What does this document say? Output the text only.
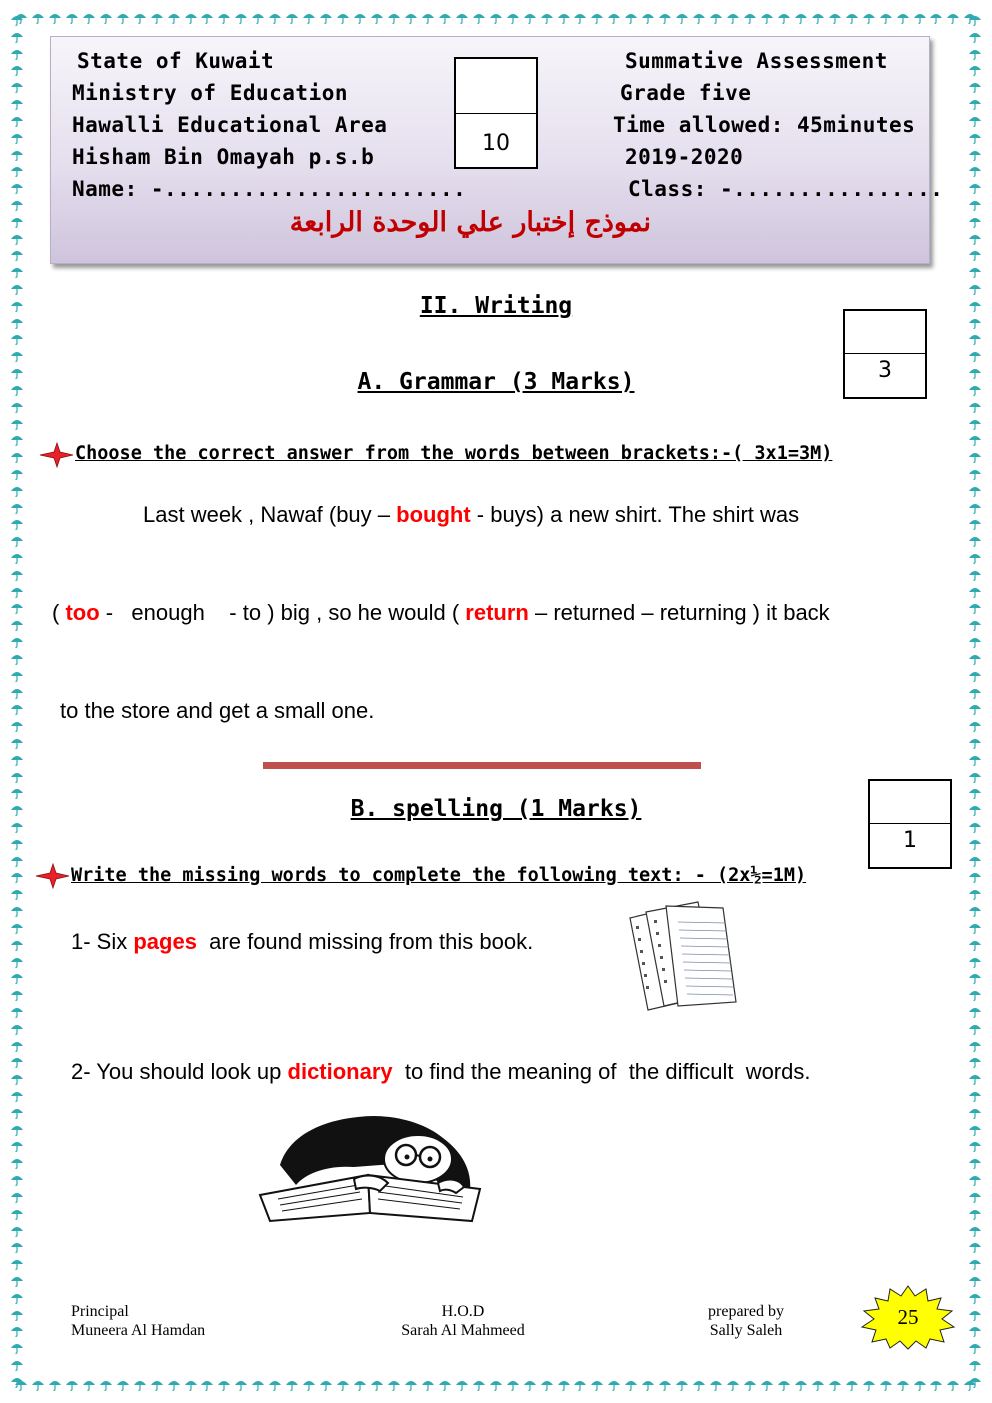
State of Kuwait
Ministry of Education
Hawalli Educational Area
Hisham Bin Omayah p.s.b
Name: -.......................
Summative Assessment
Grade five
Time allowed: 45minutes
2019-2020
Class: -................
10
نموذج إختبار علي الوحدة الرابعة
II. Writing
3
A. Grammar (3 Marks)
Choose the correct answer from the words between brackets:-( 3x1=3M)
Last week , Nawaf (buy – bought - buys) a new shirt. The shirt was
( too -   enough    - to ) big , so he would ( return – returned – returning ) it back
to the store and get a small one.
1
B. spelling (1 Marks)
Write the missing words to complete the following text: - (2x½=1M)
1- Six pages  are found missing from this book.
2- You should look up dictionary  to find the meaning of  the difficult  words.
Principal
Muneera Al Hamdan
H.O.D
Sarah Al Mahmeed
prepared by
Sally Saleh
25
